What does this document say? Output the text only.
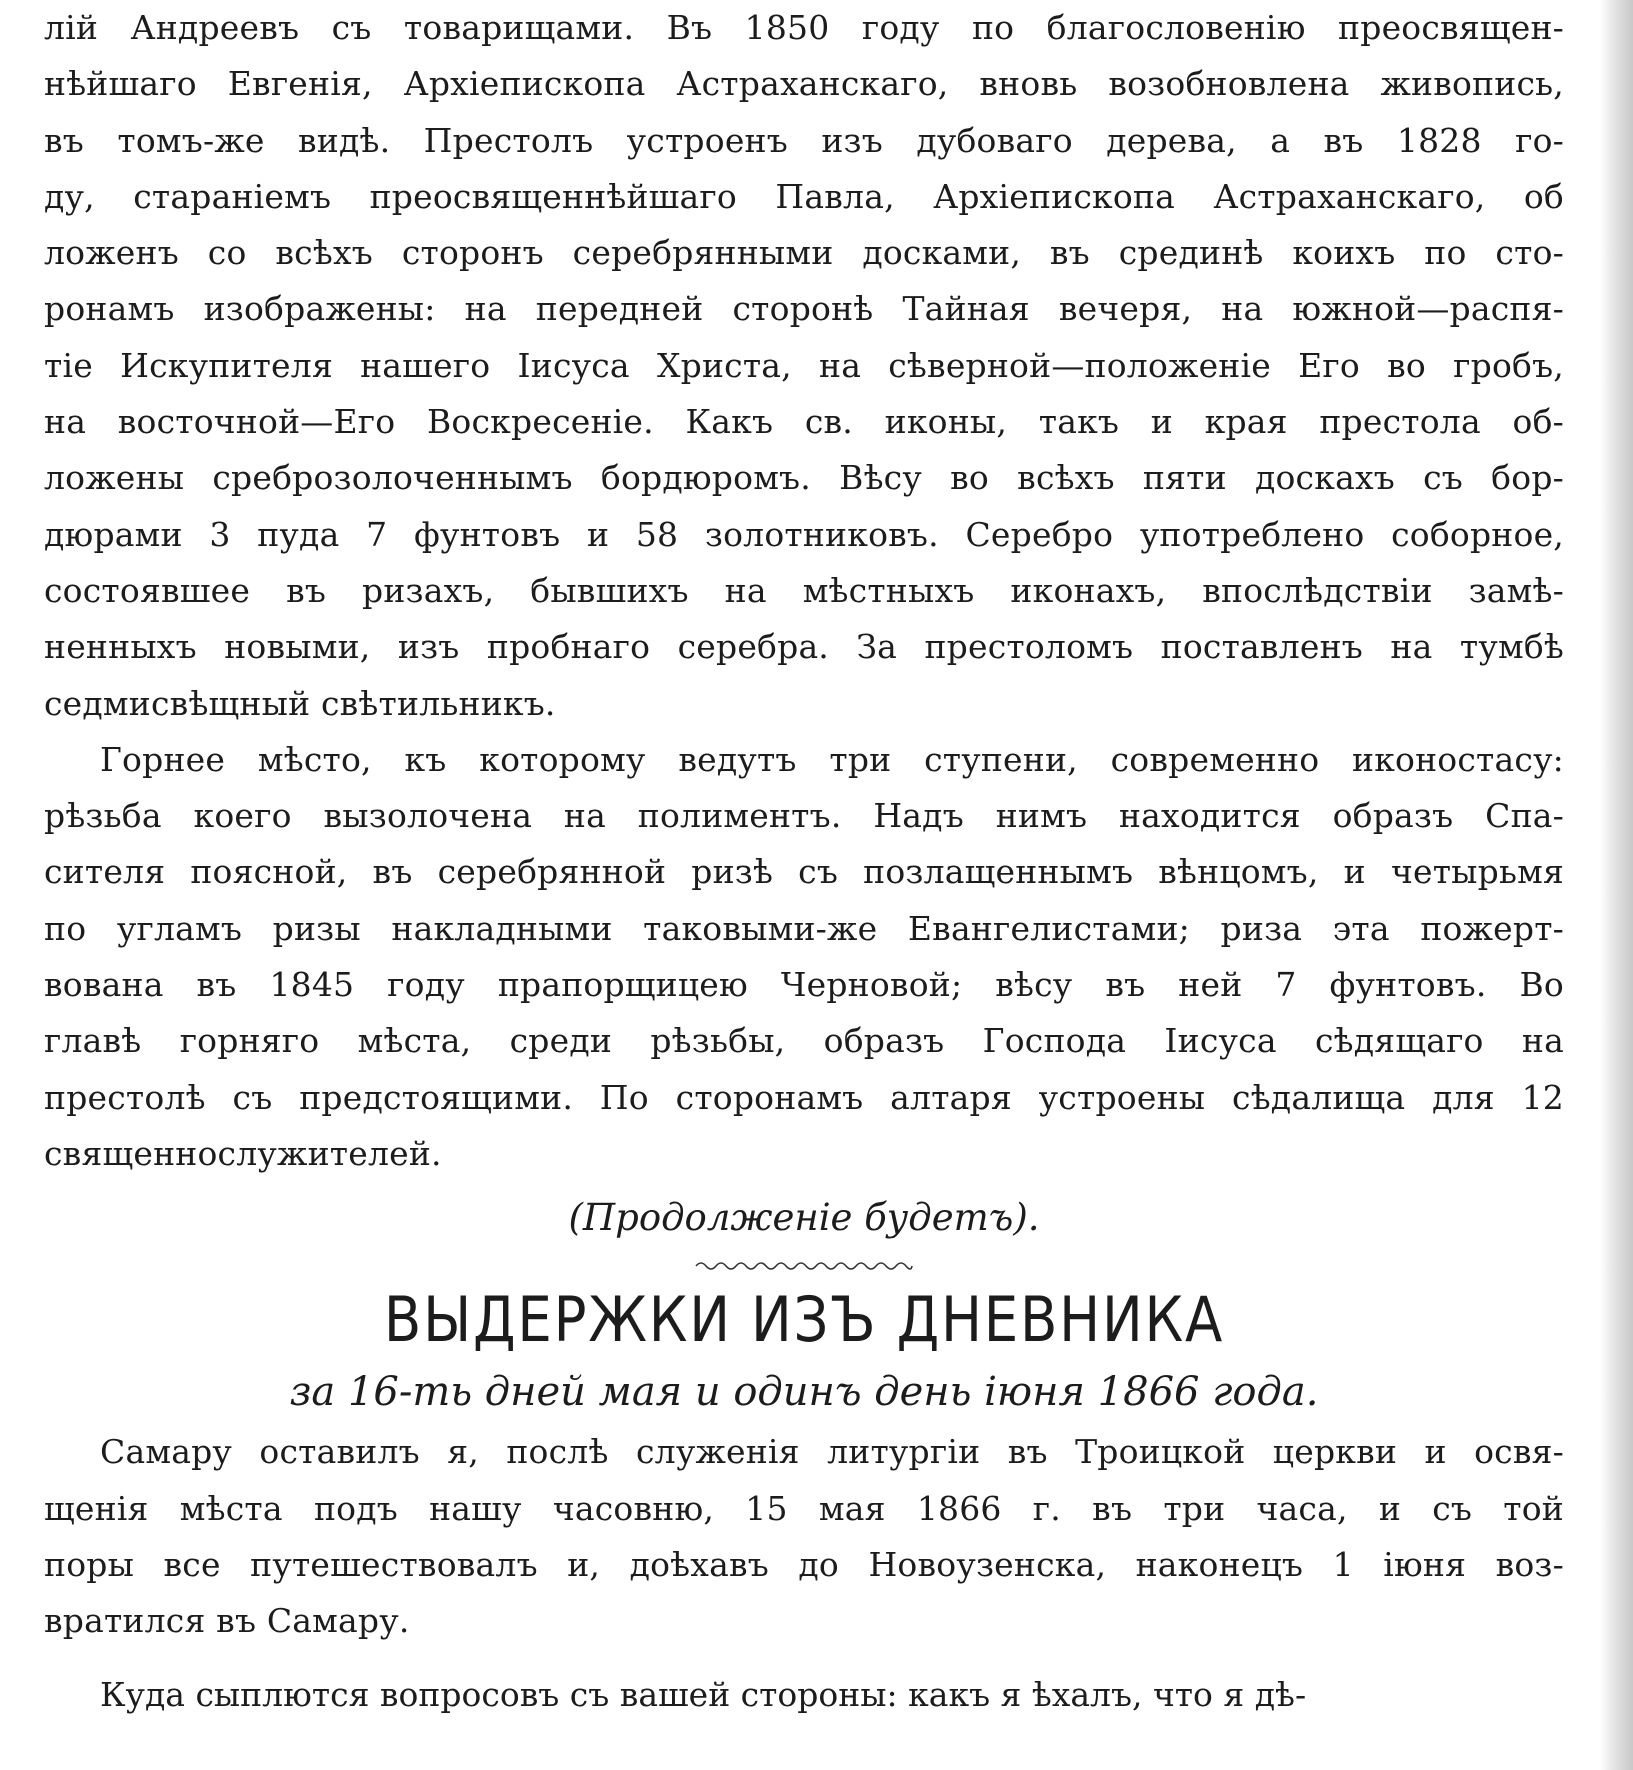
лій Андреевъ съ товарищами. Въ 1850 году по благословенію преосвящен-
нѣйшаго Евгенія, Архіепископа Астраханскаго, вновь возобновлена живопись,
въ томъ-же видѣ. Престолъ устроенъ изъ дубоваго дерева, а въ 1828 го-
ду, стараніемъ преосвященнѣйшаго Павла, Архіепископа Астраханскаго, об
ложенъ со всѣхъ сторонъ серебрянными досками, въ срединѣ коихъ по сто-
ронамъ изображены: на передней сторонѣ Тайная вечеря, на южной—распя-
тіе Искупителя нашего Іисуса Христа, на сѣверной—положеніе Его во гробъ,
на восточной—Его Воскресеніе. Какъ св. иконы, такъ и края престола об-
ложены среброзолоченнымъ бордюромъ. Вѣсу во всѣхъ пяти доскахъ съ бор-
дюрами 3 пуда 7 фунтовъ и 58 золотниковъ. Серебро употреблено соборное,
состоявшее въ ризахъ, бывшихъ на мѣстныхъ иконахъ, впослѣдствіи замѣ-
ненныхъ новыми, изъ пробнаго серебра. За престоломъ поставленъ на тумбѣ
седмисвѣщный свѣтильникъ.
Горнее мѣсто, къ которому ведутъ три ступени, современно иконостасу:
рѣзьба коего вызолочена на полиментъ. Надъ нимъ находится образъ Спа-
сителя поясной, въ серебрянной ризѣ съ позлащеннымъ вѣнцомъ, и четырьмя
по угламъ ризы накладными таковыми-же Евангелистами; риза эта пожерт-
вована въ 1845 году прапорщицею Черновой; вѣсу въ ней 7 фунтовъ. Во
главѣ горняго мѣста, среди рѣзьбы, образъ Господа Іисуса сѣдящаго на
престолѣ съ предстоящими. По сторонамъ алтаря устроены сѣдалища для 12
священнослужителей.
(Продолженіе будетъ).
ВЫДЕРЖКИ ИЗЪ ДНЕВНИКА
за 16-ть дней мая и одинъ день іюня 1866 года.
Самару оставилъ я, послѣ служенія литургіи въ Троицкой церкви и освя-
щенія мѣста подъ нашу часовню, 15 мая 1866 г. въ три часа, и съ той
поры все путешествовалъ и, доѣхавъ до Новоузенска, наконецъ 1 іюня воз-
вратился въ Самару.
Куда сыплются вопросовъ съ вашей стороны: какъ я ѣхалъ, что я дѣ-
